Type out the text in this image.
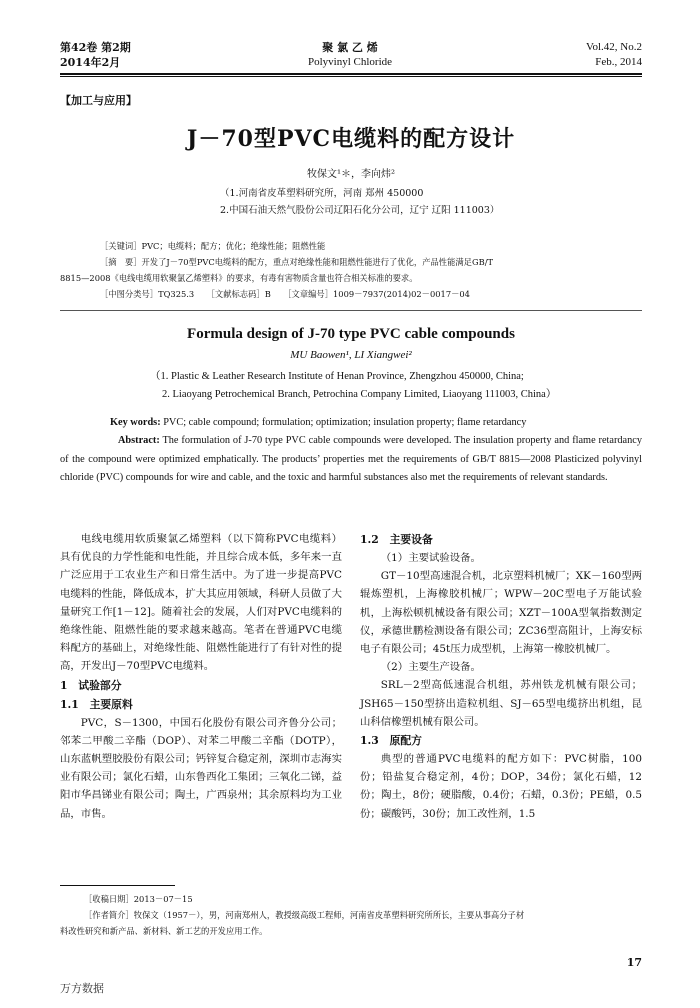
第42卷 第2期
2014年2月
聚 氯 乙 烯
Polyvinyl Chloride
Vol.42, No.2
Feb., 2014
【加工与应用】
J－70型PVC电缆料的配方设计
牧保文¹＊，李向炜²
（1.河南省皮革塑料研究所，河南 郑州 450000
2.中国石油天然气股份公司辽阳石化分公司，辽宁 辽阳 111003）
［关键词］PVC；电缆料；配方；优化；绝缘性能；阻燃性能
［摘　要］开发了J－70型PVC电缆料的配方，重点对绝缘性能和阻燃性能进行了优化，产品性能满足GB/T
8815—2008《电线电缆用软聚氯乙烯塑料》的要求，有毒有害物质含量也符合相关标准的要求。
［中图分类号］TQ325.3　　［文献标志码］B　　［文章编号］1009－7937(2014)02－0017－04
Formula design of J-70 type PVC cable compounds
MU Baowen¹, LI Xiangwei²
（1. Plastic & Leather Research Institute of Henan Province, Zhengzhou 450000, China;
2. Liaoyang Petrochemical Branch, Petrochina Company Limited, Liaoyang 111003, China）
Key words: PVC; cable compound; formulation; optimization; insulation property; flame retardancy
Abstract: The formulation of J-70 type PVC cable compounds were developed. The insulation property and flame retardancy of the compound were optimized emphatically. The products’ properties met the requirements of GB/T 8815—2008 Plasticized polyvinyl chloride (PVC) compounds for wire and cable, and the toxic and harmful substances also met the requirements of relevant standards.

电线电缆用软质聚氯乙烯塑料（以下简称PVC电缆料）具有优良的力学性能和电性能，并且综合成本低，多年来一直广泛应用于工农业生产和日常生活中。为了进一步提高PVC电缆料的性能，降低成本，扩大其应用领域，科研人员做了大量研究工作[1－12]。随着社会的发展，人们对PVC电缆料的绝缘性能、阻燃性能的要求越来越高。笔者在普通PVC电缆料配方的基础上，对绝缘性能、阻燃性能进行了有针对性的提高，开发出J－70型PVC电缆料。

1　试验部分
1.1　主要原料

PVC，S－1300，中国石化股份有限公司齐鲁分公司；邻苯二甲酸二辛酯（DOP）、对苯二甲酸二辛酯（DOTP），山东蓝帆塑胶股份有限公司；钙锌复合稳定剂，深圳市志海实业有限公司；氯化石蜡，山东鲁西化工集团；三氧化二锑，益阳市华昌锑业有限公司；陶土，广西泉州；其余原料均为工业品，市售。

1.2　主要设备

（1）主要试验设备。

GT－10型高速混合机，北京塑料机械厂；XK－160型两辊炼塑机，上海橡胶机械厂；WPW－20C型电子万能试验机，上海松顿机械设备有限公司；XZT－100A型氧指数测定仪，承德世鹏检测设备有限公司；ZC36型高阻计，上海安标电子有限公司；45t压力成型机，上海第一橡胶机械厂。

（2）主要生产设备。

SRL－2型高低速混合机组，苏州铁龙机械有限公司；JSH65－150型挤出造粒机组、SJ－65型电缆挤出机组，昆山科信橡塑机械有限公司。

1.3　原配方

典型的普通PVC电缆料的配方如下：PVC树脂，100份；铅盐复合稳定剂，4份；DOP，34份；氯化石蜡，12份；陶土，8份；硬脂酸，0.4份；石蜡，0.3份；PE蜡，0.5份；碳酸钙，30份；加工改性剂，1.5

［收稿日期］2013－07－15
［作者简介］牧保文（1957－），男，河南郑州人，教授级高级工程师，河南省皮革塑料研究所所长，主要从事高分子材
料改性研究和新产品、新材料、新工艺的开发应用工作。
17
万方数据
